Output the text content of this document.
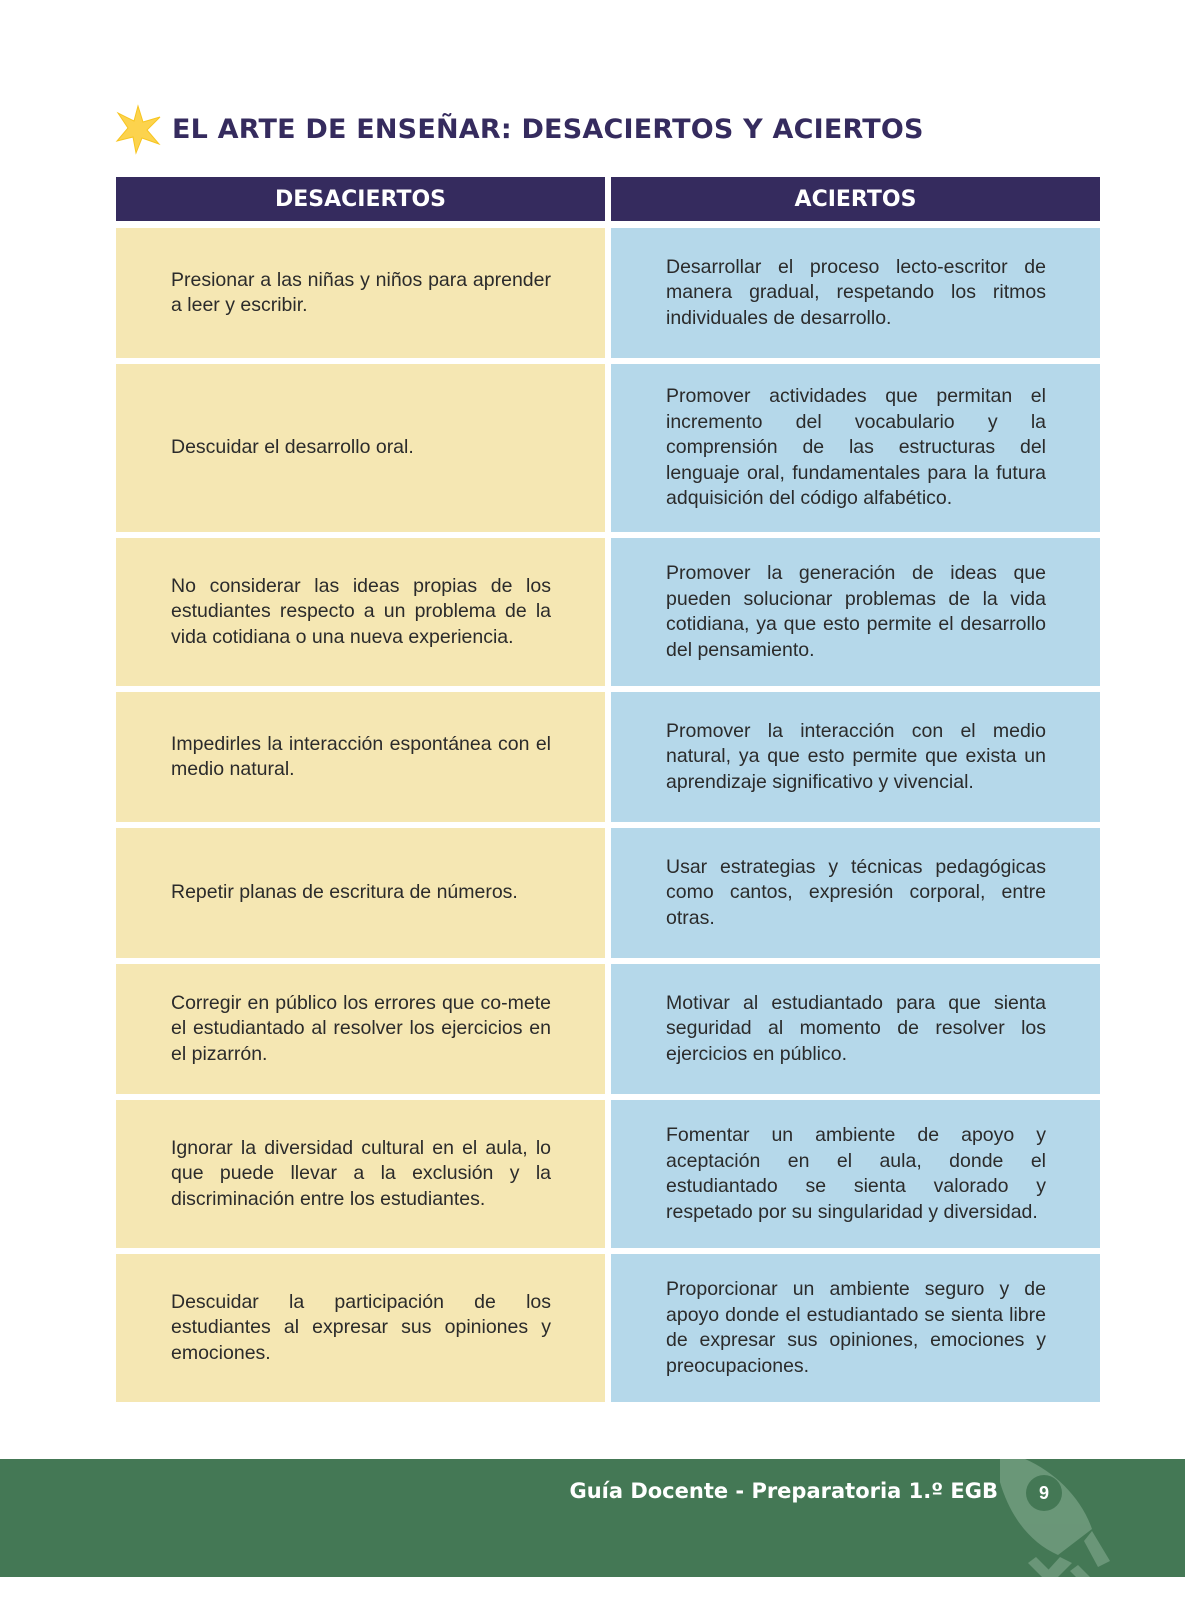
EL ARTE DE ENSEÑAR: DESACIERTOS Y ACIERTOS
DESACIERTOS	ACIERTOS
Presionar a las niñas y niños para aprender a leer y escribir.
Desarrollar el proceso lecto-escritor de manera gradual, respetando los ritmos individuales de desarrollo.
Descuidar el desarrollo oral.
Promover actividades que permitan el incremento del vocabulario y la comprensión de las estructuras del lenguaje oral, fundamentales para la futura adquisición del código alfabético.
No considerar las ideas propias de los estudiantes respecto a un problema de la vida cotidiana o una nueva experiencia.
Promover la generación de ideas que pueden solucionar problemas de la vida cotidiana, ya que esto permite el desarrollo del pensamiento.
Impedirles la interacción espontánea con el medio natural.
Promover la interacción con el medio natural, ya que esto permite que exista un aprendizaje significativo y vivencial.
Repetir planas de escritura de números.
Usar estrategias y técnicas pedagógicas como cantos, expresión corporal, entre otras.
Corregir en público los errores que co-mete el estudiantado al resolver los ejercicios en el pizarrón.
Motivar al estudiantado para que sienta seguridad al momento de resolver los ejercicios en público.
Ignorar la diversidad cultural en el aula, lo que puede llevar a la exclusión y la discriminación entre los estudiantes.
Fomentar un ambiente de apoyo y aceptación en el aula, donde el estudiantado se sienta valorado y respetado por su singularidad y diversidad.
Descuidar la participación de los estudiantes al expresar sus opiniones y emociones.
Proporcionar un ambiente seguro y de apoyo donde el estudiantado se sienta libre de expresar sus opiniones, emociones y preocupaciones.
Guía Docente - Preparatoria 1.º EGB	9
